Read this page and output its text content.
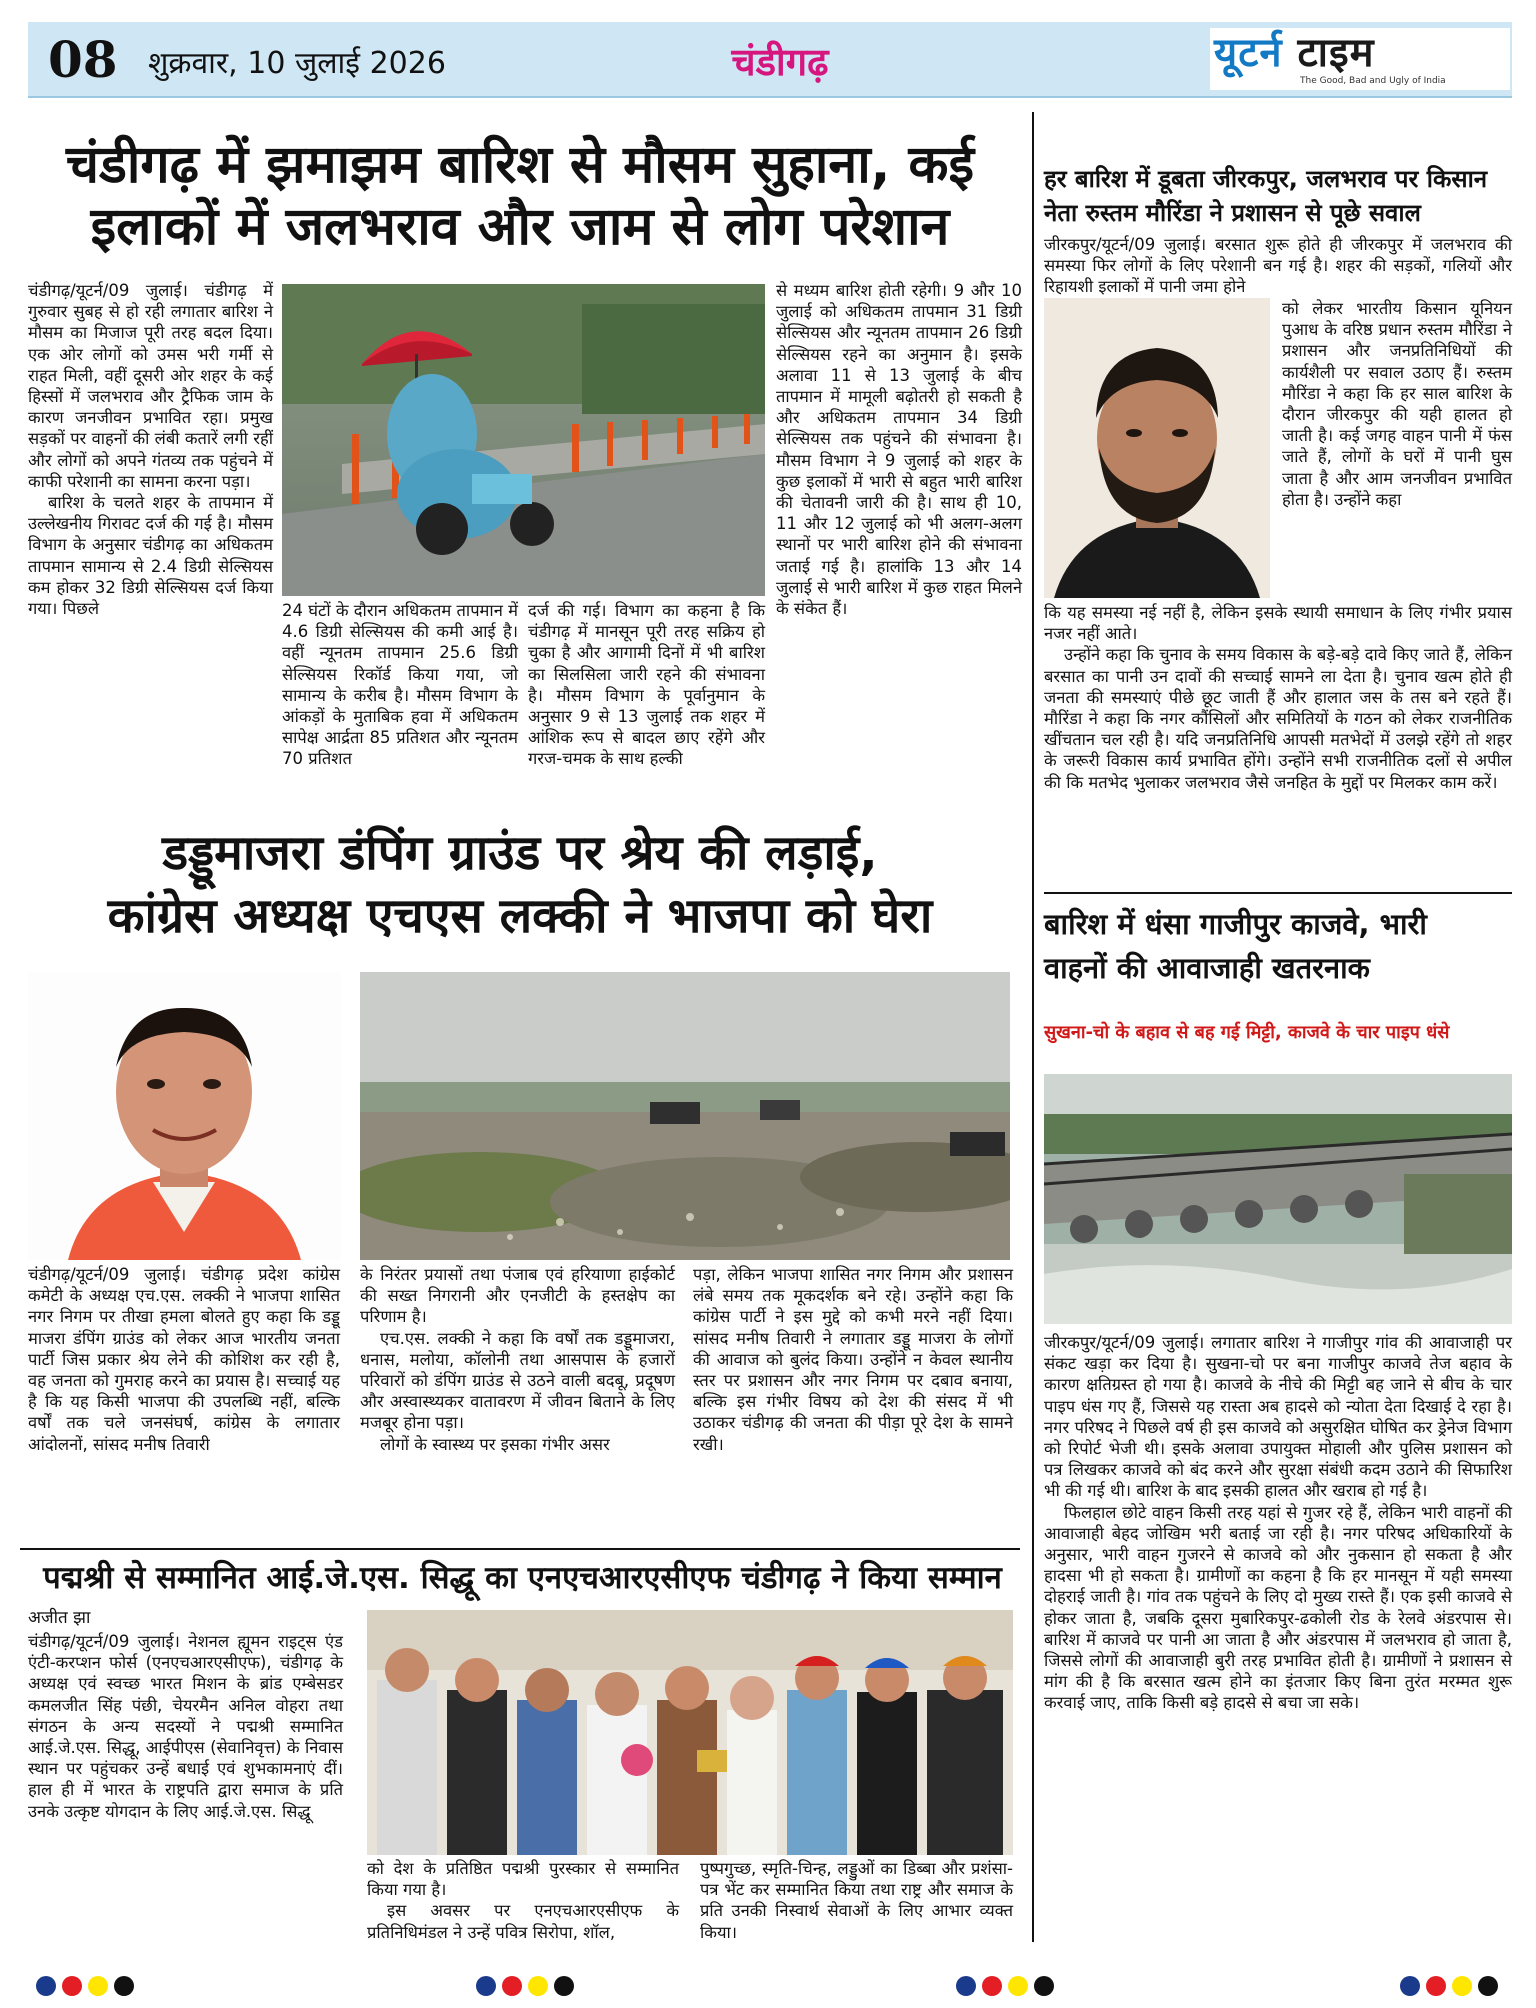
08 शुक्रवार, 10 जुलाई 2026	चंडीगढ़	यूटर्न टाइम
The Good, Bad and Ugly of India
चंडीगढ़ में झमाझम बारिश से मौसम सुहाना, कई
इलाकों में जलभराव और जाम से लोग परेशान

चंडीगढ़/यूटर्न/09 जुलाई। चंडीगढ़ में गुरुवार सुबह से हो रही लगातार बारिश ने मौसम का मिजाज पूरी तरह बदल दिया। एक ओर लोगों को उमस भरी गर्मी से राहत मिली, वहीं दूसरी ओर शहर के कई हिस्सों में जलभराव और ट्रैफिक जाम के कारण जनजीवन प्रभावित रहा। प्रमुख सड़कों पर वाहनों की लंबी कतारें लगी रहीं और लोगों को अपने गंतव्य तक पहुंचने में काफी परेशानी का सामना करना पड़ा।

बारिश के चलते शहर के तापमान में उल्लेखनीय गिरावट दर्ज की गई है। मौसम विभाग के अनुसार चंडीगढ़ का अधिकतम तापमान सामान्य से 2.4 डिग्री सेल्सियस कम होकर 32 डिग्री सेल्सियस दर्ज किया गया। पिछले	24 घंटों के दौरान अधिकतम तापमान में 4.6 डिग्री सेल्सियस की कमी आई है। वहीं न्यूनतम तापमान 25.6 डिग्री सेल्सियस रिकॉर्ड किया गया, जो सामान्य के करीब है। मौसम विभाग के आंकड़ों के मुताबिक हवा में अधिकतम सापेक्ष आर्द्रता 85 प्रतिशत और न्यूनतम 70 प्रतिशत
दर्ज की गई। विभाग का कहना है कि चंडीगढ़ में मानसून पूरी तरह सक्रिय हो चुका है और आगामी दिनों में भी बारिश का सिलसिला जारी रहने की संभावना है। मौसम विभाग के पूर्वानुमान के अनुसार 9 से 13 जुलाई तक शहर में आंशिक रूप से बादल छाए रहेंगे और गरज-चमक के साथ हल्की
से मध्यम बारिश होती रहेगी। 9 और 10 जुलाई को अधिकतम तापमान 31 डिग्री सेल्सियस और न्यूनतम तापमान 26 डिग्री सेल्सियस रहने का अनुमान है। इसके अलावा 11 से 13 जुलाई के बीच तापमान में मामूली बढ़ोतरी हो सकती है और अधिकतम तापमान 34 डिग्री सेल्सियस तक पहुंचने की संभावना है। मौसम विभाग ने 9 जुलाई को शहर के कुछ इलाकों में भारी से बहुत भारी बारिश की चेतावनी जारी की है। साथ ही 10, 11 और 12 जुलाई को भी अलग-अलग स्थानों पर भारी बारिश होने की संभावना जताई गई है। हालांकि 13 और 14 जुलाई से भारी बारिश में कुछ राहत मिलने के संकेत हैं।
डड्डूमाजरा डंपिंग ग्राउंड पर श्रेय की लड़ाई,
कांग्रेस अध्यक्ष एचएस लक्की ने भाजपा को घेरा
चंडीगढ़/यूटर्न/09 जुलाई। चंडीगढ़ प्रदेश कांग्रेस कमेटी के अध्यक्ष एच.एस. लक्की ने भाजपा शासित नगर निगम पर तीखा हमला बोलते हुए कहा कि डड्डू माजरा डंपिंग ग्राउंड को लेकर आज भारतीय जनता पार्टी जिस प्रकार श्रेय लेने की कोशिश कर रही है, वह जनता को गुमराह करने का प्रयास है। सच्चाई यह है कि यह किसी भाजपा की उपलब्धि नहीं, बल्कि वर्षों तक चले जनसंघर्ष, कांग्रेस के लगातार आंदोलनों, सांसद मनीष तिवारी

के निरंतर प्रयासों तथा पंजाब एवं हरियाणा हाईकोर्ट की सख्त निगरानी और एनजीटी के हस्तक्षेप का परिणाम है।

एच.एस. लक्की ने कहा कि वर्षों तक डड्डूमाजरा, धनास, मलोया, कॉलोनी तथा आसपास के हजारों परिवारों को डंपिंग ग्राउंड से उठने वाली बदबू, प्रदूषण और अस्वास्थ्यकर वातावरण में जीवन बिताने के लिए मजबूर होना पड़ा।

लोगों के स्वास्थ्य पर इसका गंभीर असर

पड़ा, लेकिन भाजपा शासित नगर निगम और प्रशासन लंबे समय तक मूकदर्शक बने रहे। उन्होंने कहा कि कांग्रेस पार्टी ने इस मुद्दे को कभी मरने नहीं दिया। सांसद मनीष तिवारी ने लगातार डड्डू माजरा के लोगों की आवाज को बुलंद किया। उन्होंने न केवल स्थानीय स्तर पर प्रशासन और नगर निगम पर दबाव बनाया, बल्कि इस गंभीर विषय को देश की संसद में भी उठाकर चंडीगढ़ की जनता की पीड़ा पूरे देश के सामने रखी।
पद्मश्री से सम्मानित आई.जे.एस. सिद्धू का एनएचआरएसीएफ चंडीगढ़ ने किया सम्मान
अजीत झा
चंडीगढ़/यूटर्न/09 जुलाई। नेशनल ह्यूमन राइट्स एंड एंटी-करप्शन फोर्स (एनएचआरएसीएफ), चंडीगढ़ के अध्यक्ष एवं स्वच्छ भारत मिशन के ब्रांड एम्बेसडर कमलजीत सिंह पंछी, चेयरमैन अनिल वोहरा तथा संगठन के अन्य सदस्यों ने पद्मश्री सम्मानित आई.जे.एस. सिद्धू, आईपीएस (सेवानिवृत्त) के निवास स्थान पर पहुंचकर उन्हें बधाई एवं शुभकामनाएं दीं। हाल ही में भारत के राष्ट्रपति द्वारा समाज के प्रति उनके उत्कृष्ट योगदान के लिए आई.जे.एस. सिद्धू

को देश के प्रतिष्ठित पद्मश्री पुरस्कार से सम्मानित किया गया है।

इस अवसर पर एनएचआरएसीएफ के प्रतिनिधिमंडल ने उन्हें पवित्र सिरोपा, शॉल,

पुष्पगुच्छ, स्मृति-चिन्ह, लड्डुओं का डिब्बा और प्रशंसा-पत्र भेंट कर सम्मानित किया तथा राष्ट्र और समाज के प्रति उनकी निस्वार्थ सेवाओं के लिए आभार व्यक्त किया।
हर बारिश में डूबता जीरकपुर, जलभराव पर किसान
नेता रुस्तम मौरिंडा ने प्रशासन से पूछे सवाल
जीरकपुर/यूटर्न/09 जुलाई। बरसात शुरू होते ही जीरकपुर में जलभराव की समस्या फिर लोगों के लिए परेशानी बन गई है। शहर की सड़कों, गलियों और रिहायशी इलाकों में पानी जमा होने
को लेकर भारतीय किसान यूनियन पुआध के वरिष्ठ प्रधान रुस्तम मौरिंडा ने प्रशासन और जनप्रतिनिधियों की कार्यशैली पर सवाल उठाए हैं। रुस्तम मौरिंडा ने कहा कि हर साल बारिश के दौरान जीरकपुर की यही हालत हो जाती है। कई जगह वाहन पानी में फंस जाते हैं, लोगों के घरों में पानी घुस जाता है और आम जनजीवन प्रभावित होता है। उन्होंने कहा

कि यह समस्या नई नहीं है, लेकिन इसके स्थायी समाधान के लिए गंभीर प्रयास नजर नहीं आते।

उन्होंने कहा कि चुनाव के समय विकास के बड़े-बड़े दावे किए जाते हैं, लेकिन बरसात का पानी उन दावों की सच्चाई सामने ला देता है। चुनाव खत्म होते ही जनता की समस्याएं पीछे छूट जाती हैं और हालात जस के तस बने रहते हैं। मौरिंडा ने कहा कि नगर कौंसिलों और समितियों के गठन को लेकर राजनीतिक खींचतान चल रही है। यदि जनप्रतिनिधि आपसी मतभेदों में उलझे रहेंगे तो शहर के जरूरी विकास कार्य प्रभावित होंगे। उन्होंने सभी राजनीतिक दलों से अपील की कि मतभेद भुलाकर जलभराव जैसे जनहित के मुद्दों पर मिलकर काम करें।

बारिश में धंसा गाजीपुर काजवे, भारी
वाहनों की आवाजाही खतरनाक
सुखना-चो के बहाव से बह गई मिट्टी, काजवे के चार पाइप धंसे

जीरकपुर/यूटर्न/09 जुलाई। लगातार बारिश ने गाजीपुर गांव की आवाजाही पर संकट खड़ा कर दिया है। सुखना-चो पर बना गाजीपुर काजवे तेज बहाव के कारण क्षतिग्रस्त हो गया है। काजवे के नीचे की मिट्टी बह जाने से बीच के चार पाइप धंस गए हैं, जिससे यह रास्ता अब हादसे को न्योता देता दिखाई दे रहा है। नगर परिषद ने पिछले वर्ष ही इस काजवे को असुरक्षित घोषित कर ड्रेनेज विभाग को रिपोर्ट भेजी थी। इसके अलावा उपायुक्त मोहाली और पुलिस प्रशासन को पत्र लिखकर काजवे को बंद करने और सुरक्षा संबंधी कदम उठाने की सिफारिश भी की गई थी। बारिश के बाद इसकी हालत और खराब हो गई है।

फिलहाल छोटे वाहन किसी तरह यहां से गुजर रहे हैं, लेकिन भारी वाहनों की आवाजाही बेहद जोखिम भरी बताई जा रही है। नगर परिषद अधिकारियों के अनुसार, भारी वाहन गुजरने से काजवे को और नुकसान हो सकता है और हादसा भी हो सकता है। ग्रामीणों का कहना है कि हर मानसून में यही समस्या दोहराई जाती है। गांव तक पहुंचने के लिए दो मुख्य रास्ते हैं। एक इसी काजवे से होकर जाता है, जबकि दूसरा मुबारिकपुर-ढकोली रोड के रेलवे अंडरपास से। बारिश में काजवे पर पानी आ जाता है और अंडरपास में जलभराव हो जाता है, जिससे लोगों की आवाजाही बुरी तरह प्रभावित होती है। ग्रामीणों ने प्रशासन से मांग की है कि बरसात खत्म होने का इंतजार किए बिना तुरंत मरम्मत शुरू करवाई जाए, ताकि किसी बड़े हादसे से बचा जा सके।
